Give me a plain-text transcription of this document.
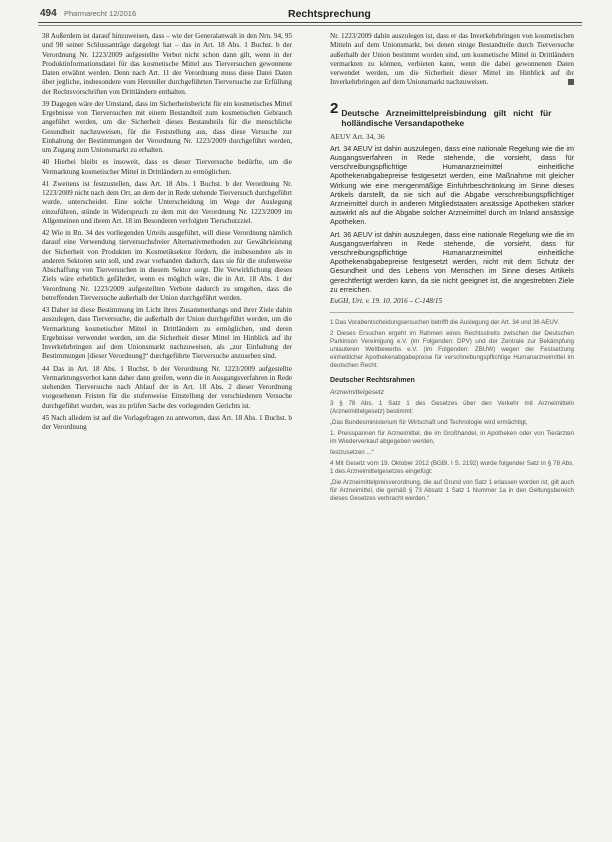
494 Pharmarecht 12/2016	Rechtsprechung

38 Außerdem ist darauf hinzuweisen, dass – wie der Generalanwalt in den Nrn. 94, 95 und 98 seiner Schlussanträge dargelegt hat – das in Art. 18 Abs. 1 Buchst. b der Verordnung Nr. 1223/2009 aufgestellte Verbot nicht schon dann gilt, wenn in der Produktinformationsdatei für das kosmetische Mittel aus Tierversuchen gewonnene Daten erwähnt werden. Denn nach Art. 11 der Verordnung muss diese Datei Daten über jegliche, insbesondere vom Hersteller durchgeführten Tierversuche zur Erfüllung der Rechtsvorschriften von Drittländern enthalten.

39 Dagegen wäre der Umstand, dass im Sicherheitsbericht für ein kosmetisches Mittel Ergebnisse von Tierversuchen mit einem Bestandteil zum kosmetischen Gebrauch angeführt werden, um die Sicherheit dieses Bestandteils für die menschliche Gesundheit nachzuweisen, für die Feststellung aus, dass diese Versuche zur Einhaltung der Bestimmungen der Verordnung Nr. 1223/2009 durchgeführt werden, um Zugang zum Unionsmarkt zu erhalten.

40 Hierbei bleibt es insoweit, dass es dieser Tierversuche bedürfte, um die Vermarktung kosmetischer Mittel in Drittländern zu ermöglichen.

41 Zweitens ist festzustellen, dass Art. 18 Abs. 1 Buchst. b der Verordnung Nr. 1223/2009 nicht nach dem Ort, an dem der in Rede stehende Tierversuch durchgeführt wurde, unterscheidet. Eine solche Unterscheidung im Wege der Auslegung einzuführen, stünde in Widerspruch zu dem mit der Verordnung Nr. 1223/2009 im Allgemeinen und ihrem Art. 18 im Besonderen verfolgten Tierschutzziel.

42 Wie in Rn. 34 des vorliegenden Urteils ausgeführt, will diese Verordnung nämlich darauf eine Verwendung tierversuchsfreier Alternativmethoden zur Gewährleistung der Sicherheit von Produkten im Kosmetiksektor fördern, die insbesondere als in anderen Sektoren sein soll, und zwar vorhanden dadurch, dass sie für die stufenweise Abschaffung von Tierversuchen in diesem Sektor sorgt. Die Verwirklichung dieses Ziels wäre erheblich gefährdet, wenn es möglich wäre, die in Art. 18 Abs. 1 der Verordnung Nr. 1223/2009 aufgestellten Verbote dadurch zu umgehen, dass die betreffenden Tierversuche außerhalb der Union durchgeführt werden.

43 Daher ist diese Bestimmung im Licht ihres Zusammenhangs und ihrer Ziele dahin auszulegen, dass Tierversuche, die außerhalb der Union durchgeführt werden, um die Vermarktung kosmetischer Mittel in Drittländern zu ermöglichen, und deren Ergebnisse verwendet werden, um die Sicherheit dieser Mittel im Hinblick auf ihr Inverkehrbringen auf dem Unionsmarkt nachzuweisen, als „zur Einhaltung der Bestimmungen [dieser Verordnung]“ durchgeführte Tierversuche anzusehen sind.

44 Das in Art. 18 Abs. 1 Buchst. b der Verordnung Nr. 1223/2009 aufgestellte Vermarktungsverbot kann daher dann greifen, wenn die in Ausgangsverfahren in Rede stehenden Tierversuche nach Ablauf der in Art. 18 Abs. 2 dieser Verordnung vorgesehenen Fristen für die stufenweise Einstellung der verschiedenen Versuche durchgeführt wurden, was zu prüfen Sache des vorlegenden Gerichts ist.

45 Nach alledem ist auf die Vorlagefragen zu antworten, dass Art. 18 Abs. 1 Buchst. b der Verordnung

Nr. 1223/2009 dahin auszulegen ist, dass er das Inverkehrbringen von kosmetischen Mitteln auf dem Unionsmarkt, bei denen einige Bestandteile durch Tierversuche außerhalb der Union bestimmt worden sind, um kosmetische Mittel in Drittländern vermarkten zu können, verbieten kann, wenn die dabei gewonnenen Daten verwendet werden, um die Sicherheit dieser Mittel im Hinblick auf ihr Inverkehrbringen auf dem Unionsmarkt nachzuweisen.

2 Deutsche Arzneimittelpreisbindung gilt nicht für holländische Versandapotheke
AEUV Art. 34, 36

Art. 34 AEUV ist dahin auszulegen, dass eine nationale Regelung wie die im Ausgangsverfahren in Rede stehende, die vorsieht, dass für verschreibungspflichtige Humanarzneimittel einheitliche Apothekenabgabepreise festgesetzt werden, eine Maßnahme mit gleicher Wirkung wie eine mengenmäßige Einfuhrbeschränkung im Sinne dieses Artikels darstellt, da sie sich auf die Abgabe verschreibungspflichtiger Arzneimittel durch in anderen Mitgliedstaaten ansässige Apotheken stärker auswirkt als auf die Abgabe solcher Arzneimittel durch im Inland ansässige Apotheken.

Art. 36 AEUV ist dahin auszulegen, dass eine nationale Regelung wie die im Ausgangsverfahren in Rede stehende, die vorsieht, dass für verschreibungspflichtige Humanarzneimittel einheitliche Apothekenabgabepreise festgesetzt werden, nicht mit dem Schutz der Gesundheit und des Lebens von Menschen im Sinne dieses Artikels gerechtfertigt werden kann, da sie nicht geeignet ist, die angestrebten Ziele zu erreichen.

EuGH, Urt. v. 19. 10. 2016 – C-148/15

1 Das Vorabentscheidungsersuchen betrifft die Auslegung der Art. 34 und 36 AEUV.

2 Dieses Ersuchen ergeht im Rahmen eines Rechtsstreits zwischen der Deutschen Parkinson Vereinigung e.V. (im Folgenden: DPV) und der Zentrale zur Bekämpfung unlauteren Wettbewerbs e.V. (im Folgenden: ZBUW) wegen der Festsetzung einheitlicher Apothekenabgabepreise für verschreibungspflichtige Humanarzneimittel im deutschen Recht.

Deutscher Rechtsrahmen
Arzneimittelgesetz

3 § 78 Abs. 1 Satz 1 des Gesetzes über den Verkehr mit Arzneimitteln (Arzneimittelgesetz) bestimmt:

„Das Bundesministerium für Wirtschaft und Technologie wird ermächtigt,

1. Preisspannen für Arzneimittel, die im Großhandel, in Apotheken oder von Tierärzten im Wiederverkauf abgegeben werden,

festzusetzen ...“

4 Mit Gesetz vom 19. Oktober 2012 (BGBl. I S. 2192) wurde folgender Satz in § 78 Abs. 1 des Arzneimittelgesetzes eingefügt:

„Die Arzneimittelpreisverordnung, die auf Grund von Satz 1 erlassen worden ist, gilt auch für Arzneimittel, die gemäß § 73 Absatz 1 Satz 1 Nummer 1a in den Geltungsbereich dieses Gesetzes verbracht werden.“
